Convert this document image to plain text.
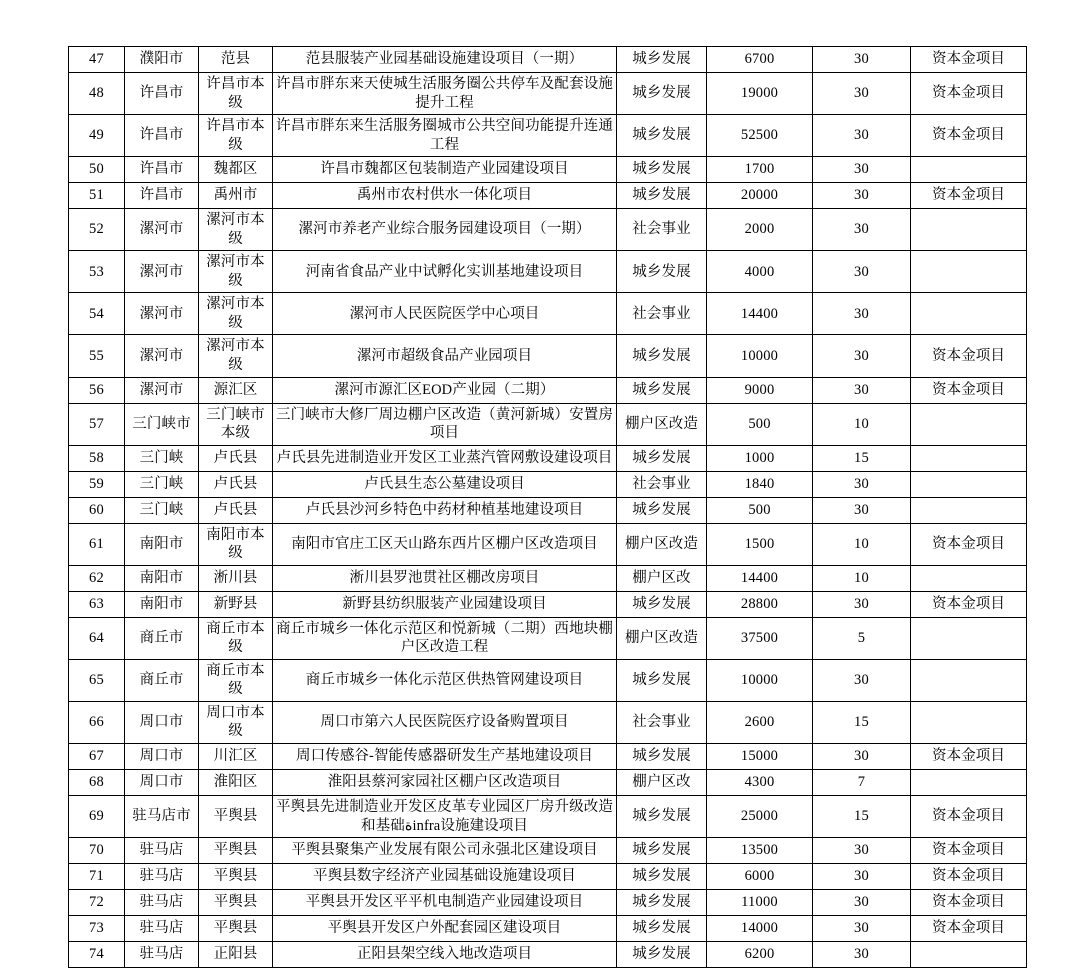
47	濮阳市	范县	范县服装产业园基础设施建设项目（一期）	城乡发展	6700	30	资本金项目
48	许昌市	许昌市本级	许昌市胖东来天使城生活服务圈公共停车及配套设施提升工程	城乡发展	19000	30	资本金项目
49	许昌市	许昌市本级	许昌市胖东来生活服务圈城市公共空间功能提升连通工程	城乡发展	52500	30	资本金项目
50	许昌市	魏都区	许昌市魏都区包装制造产业园建设项目	城乡发展	1700	30	
51	许昌市	禹州市	禹州市农村供水一体化项目	城乡发展	20000	30	资本金项目
52	漯河市	漯河市本级	漯河市养老产业综合服务园建设项目（一期）	社会事业	2000	30	
53	漯河市	漯河市本级	河南省食品产业中试孵化实训基地建设项目	城乡发展	4000	30	
54	漯河市	漯河市本级	漯河市人民医院医学中心项目	社会事业	14400	30	
55	漯河市	漯河市本级	漯河市超级食品产业园项目	城乡发展	10000	30	资本金项目
56	漯河市	源汇区	漯河市源汇区EOD产业园（二期）	城乡发展	9000	30	资本金项目
57	三门峡市	三门峡市本级	三门峡市大修厂周边棚户区改造（黄河新城）安置房项目	棚户区改造	500	10	
58	三门峡	卢氏县	卢氏县先进制造业开发区工业蒸汽管网敷设建设项目	城乡发展	1000	15	
59	三门峡	卢氏县	卢氏县生态公墓建设项目	社会事业	1840	30	
60	三门峡	卢氏县	卢氏县沙河乡特色中药材种植基地建设项目	城乡发展	500	30	
61	南阳市	南阳市本级	南阳市官庄工区天山路东西片区棚户区改造项目	棚户区改造	1500	10	资本金项目
62	南阳市	淅川县	淅川县罗池贯社区棚改房项目	棚户区改	14400	10	
63	南阳市	新野县	新野县纺织服装产业园建设项目	城乡发展	28800	30	资本金项目
64	商丘市	商丘市本级	商丘市城乡一体化示范区和悦新城（二期）西地块棚户区改造工程	棚户区改造	37500	5	
65	商丘市	商丘市本级	商丘市城乡一体化示范区供热管网建设项目	城乡发展	10000	30	
66	周口市	周口市本级	周口市第六人民医院医疗设备购置项目	社会事业	2600	15	
67	周口市	川汇区	周口传感谷-智能传感器研发生产基地建设项目	城乡发展	15000	30	资本金项目
68	周口市	淮阳区	淮阳县蔡河家园社区棚户区改造项目	棚户区改	4300	7	
69	驻马店市	平舆县	平舆县先进制造业开发区皮革专业园区厂房升级改造和基础ةinfra设施建设项目	城乡发展	25000	15	资本金项目
70	驻马店	平舆县	平舆县聚集产业发展有限公司永强北区建设项目	城乡发展	13500	30	资本金项目
71	驻马店	平舆县	平舆县数字经济产业园基础设施建设项目	城乡发展	6000	30	资本金项目
72	驻马店	平舆县	平舆县开发区平平机电制造产业园建设项目	城乡发展	11000	30	资本金项目
73	驻马店	平舆县	平舆县开发区户外配套园区建设项目	城乡发展	14000	30	资本金项目
74	驻马店	正阳县	正阳县架空线入地改造项目	城乡发展	6200	30	
